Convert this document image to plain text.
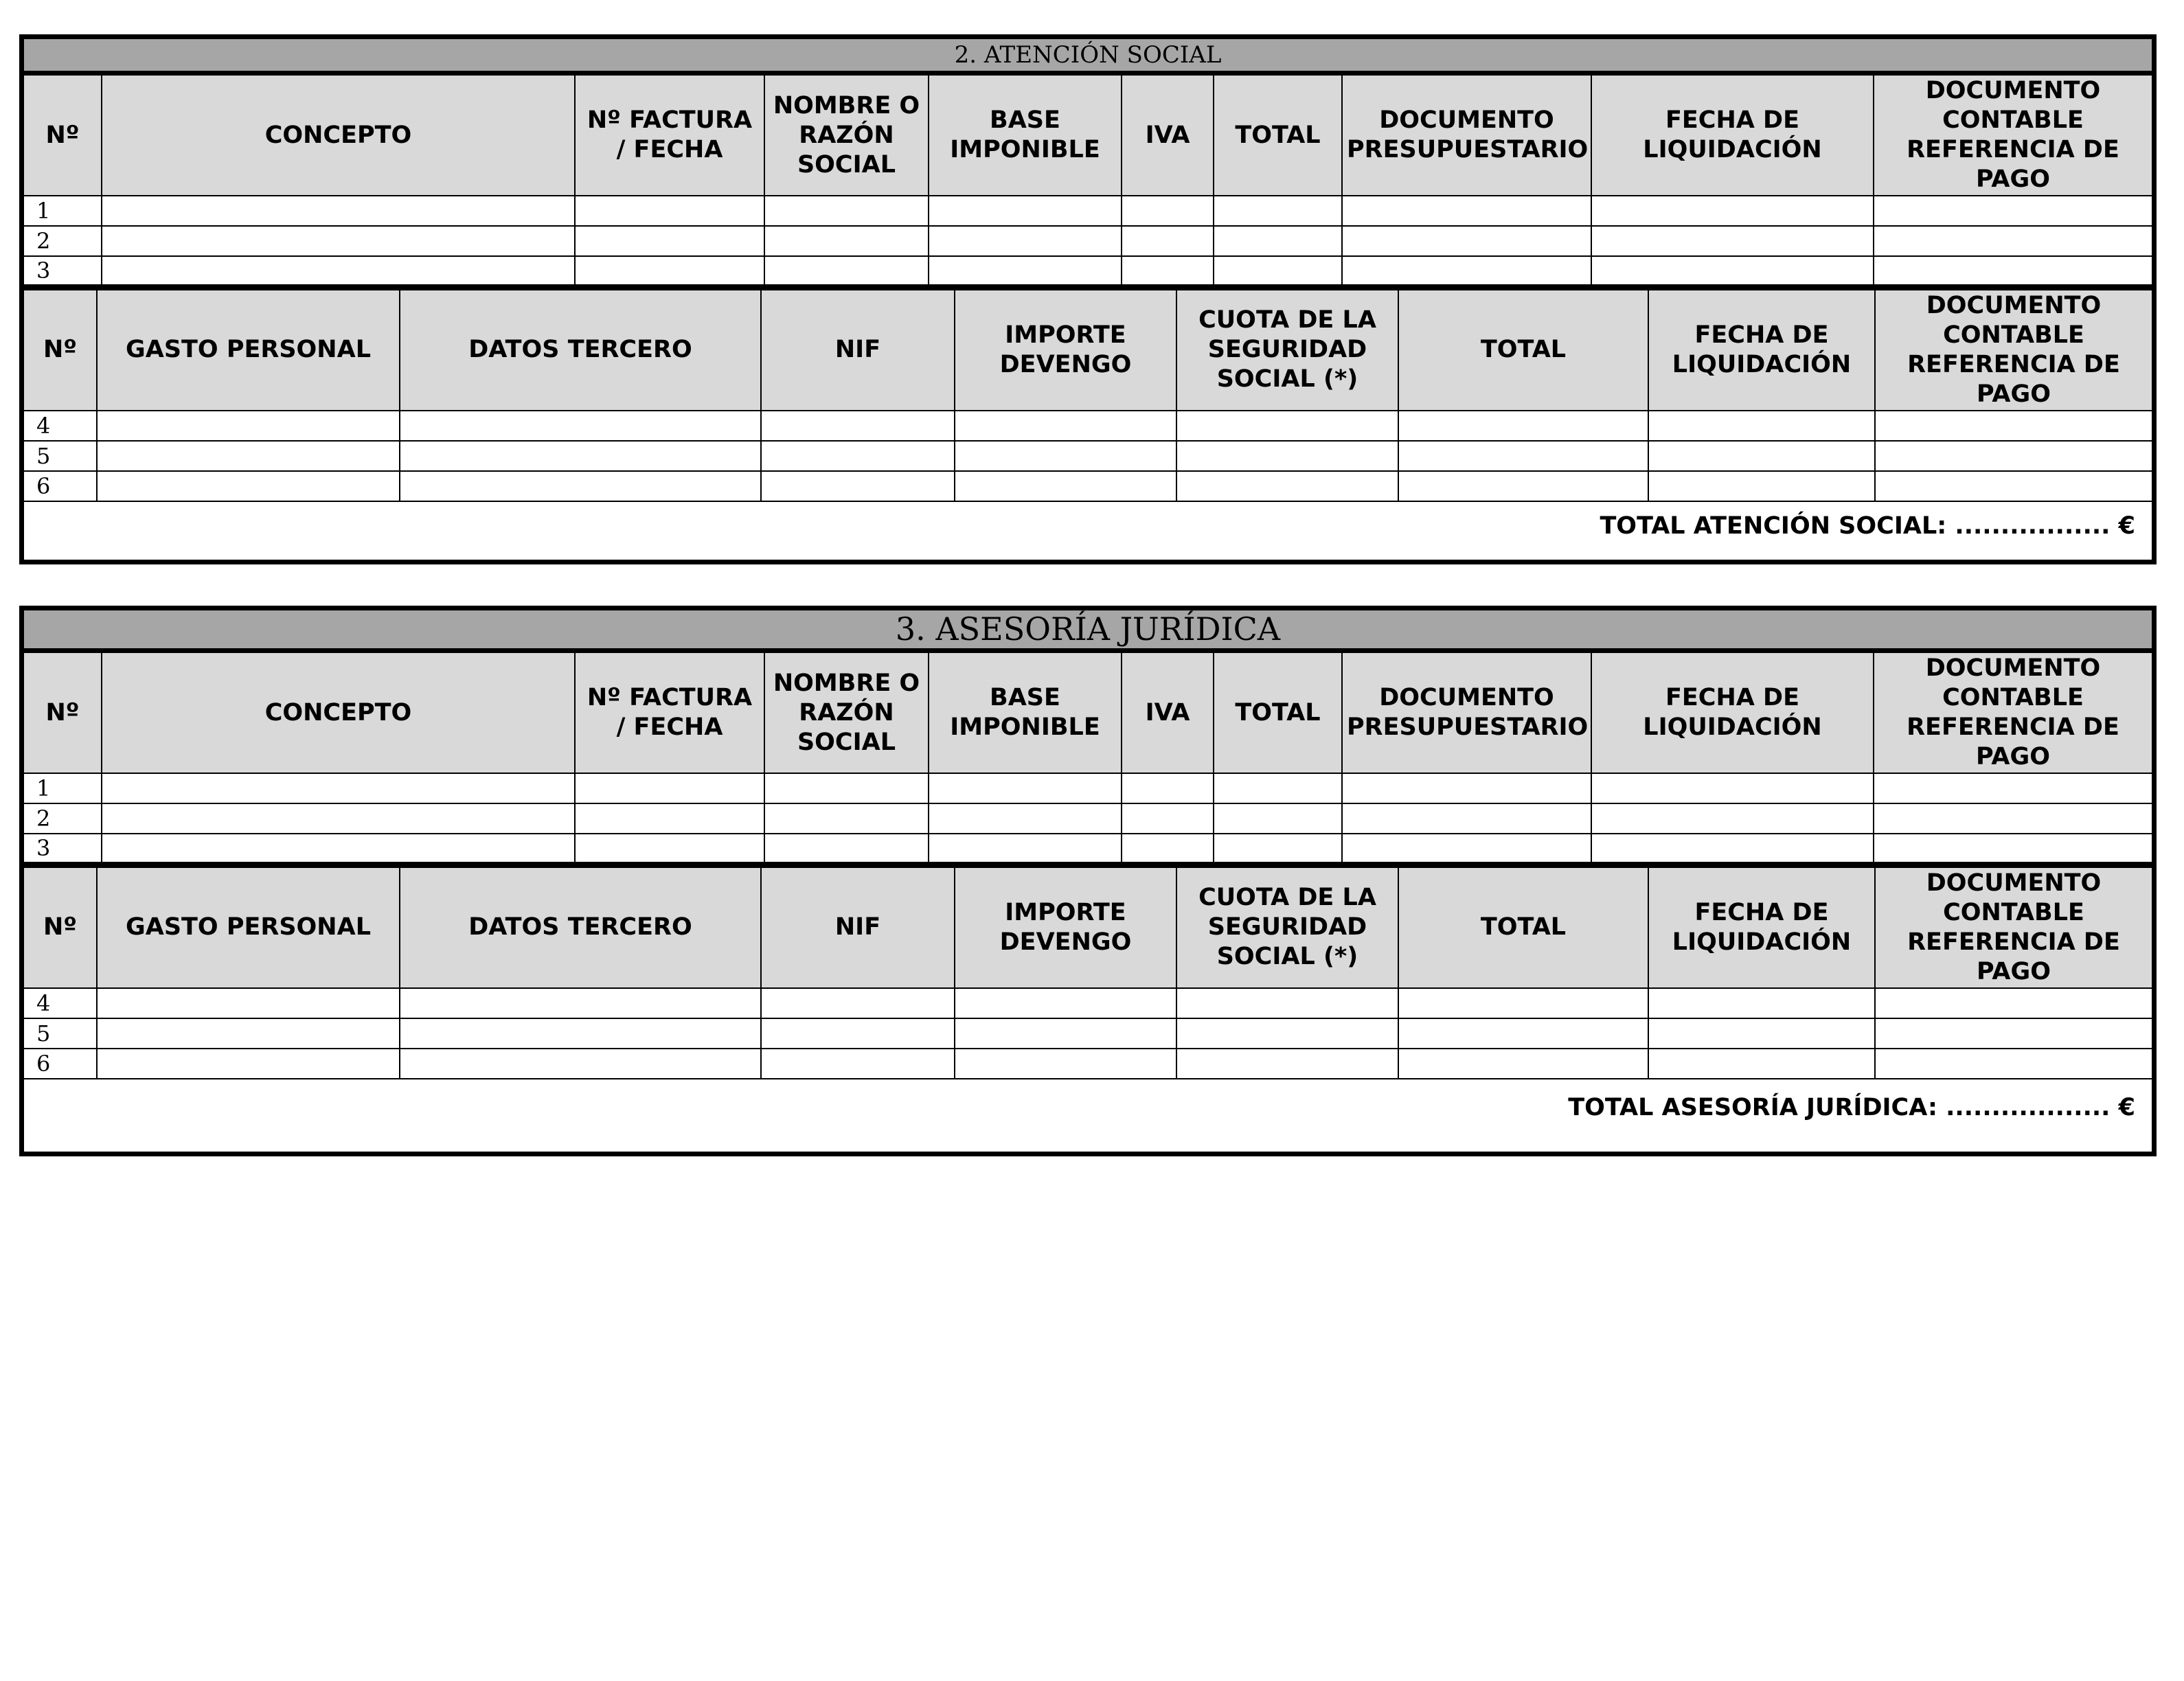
2. ATENCIÓN SOCIAL
Nº	CONCEPTO	Nº FACTURA / FECHA	NOMBRE O RAZÓN SOCIAL	BASE IMPONIBLE	IVA	TOTAL	DOCUMENTO PRESUPUESTARIO	FECHA DE LIQUIDACIÓN	DOCUMENTO CONTABLE REFERENCIA DE PAGO
1									
2									
3									
Nº	GASTO PERSONAL	DATOS TERCERO	NIF	IMPORTE DEVENGO	CUOTA DE LA SEGURIDAD SOCIAL (*)	TOTAL	FECHA DE LIQUIDACIÓN	DOCUMENTO CONTABLE REFERENCIA DE PAGO
4								
5								
6								
TOTAL ATENCIÓN SOCIAL: ................. €
3. ASESORÍA JURÍDICA
Nº	CONCEPTO	Nº FACTURA / FECHA	NOMBRE O RAZÓN SOCIAL	BASE IMPONIBLE	IVA	TOTAL	DOCUMENTO PRESUPUESTARIO	FECHA DE LIQUIDACIÓN	DOCUMENTO CONTABLE REFERENCIA DE PAGO
1									
2									
3									
Nº	GASTO PERSONAL	DATOS TERCERO	NIF	IMPORTE DEVENGO	CUOTA DE LA SEGURIDAD SOCIAL (*)	TOTAL	FECHA DE LIQUIDACIÓN	DOCUMENTO CONTABLE REFERENCIA DE PAGO
4								
5								
6								
TOTAL ASESORÍA JURÍDICA: .................. €
